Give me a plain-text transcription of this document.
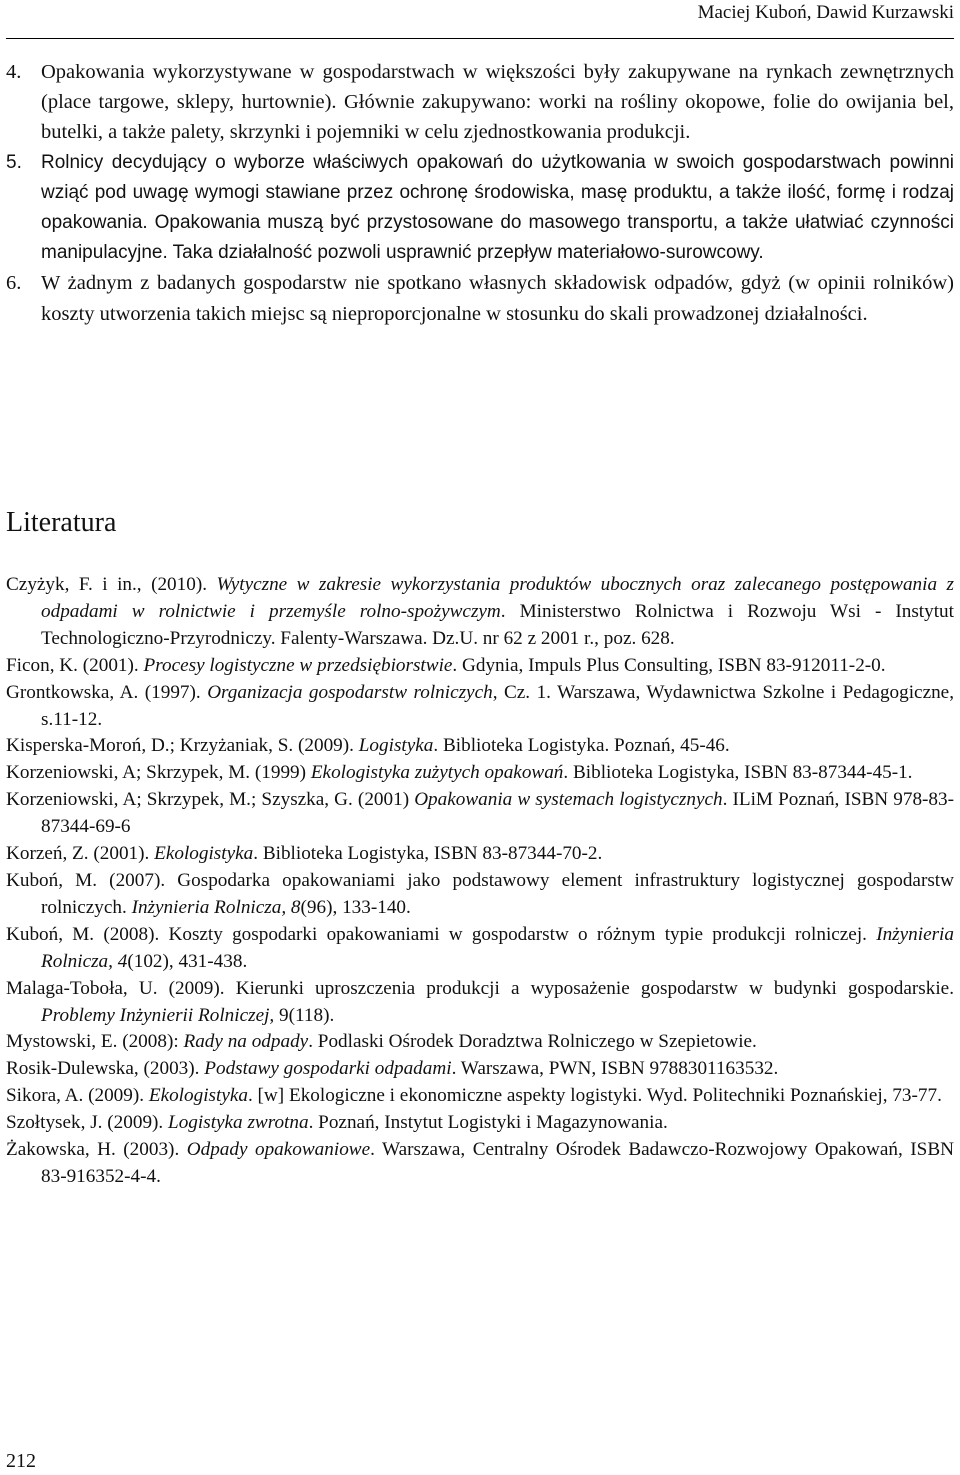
Maciej Kuboń, Dawid Kurzawski
4. Opakowania wykorzystywane w gospodarstwach w większości były zakupywane na rynkach zewnętrznych (place targowe, sklepy, hurtownie). Głównie zakupywano: worki na rośliny okopowe, folie do owijania bel, butelki, a także palety, skrzynki i pojemniki w celu zjednostkowania produkcji.
5. Rolnicy decydujący o wyborze właściwych opakowań do użytkowania w swoich gospodarstwach powinni wziąć pod uwagę wymogi stawiane przez ochronę środowiska, masę produktu, a także ilość, formę i rodzaj opakowania. Opakowania muszą być przystosowane do masowego transportu, a także ułatwiać czynności manipulacyjne. Taka działalność pozwoli usprawnić przepływ materiałowo-surowcowy.
6. W żadnym z badanych gospodarstw nie spotkano własnych składowisk odpadów, gdyż (w opinii rolników) koszty utworzenia takich miejsc są nieproporcjonalne w stosunku do skali prowadzonej działalności.
Literatura
Czyżyk, F. i in., (2010). Wytyczne w zakresie wykorzystania produktów ubocznych oraz zalecanego postępowania z odpadami w rolnictwie i przemyśle rolno-spożywczym. Ministerstwo Rolnictwa i Rozwoju Wsi - Instytut Technologiczno-Przyrodniczy. Falenty-Warszawa. Dz.U. nr 62 z 2001 r., poz. 628.
Ficon, K. (2001). Procesy logistyczne w przedsiębiorstwie. Gdynia, Impuls Plus Consulting, ISBN 83-912011-2-0.
Grontkowska, A. (1997). Organizacja gospodarstw rolniczych, Cz. 1. Warszawa, Wydawnictwa Szkolne i Pedagogiczne, s.11-12.
Kisperska-Moroń, D.; Krzyżaniak, S. (2009). Logistyka. Biblioteka Logistyka. Poznań, 45-46.
Korzeniowski, A; Skrzypek, M. (1999) Ekologistyka zużytych opakowań. Biblioteka Logistyka, ISBN 83-87344-45-1.
Korzeniowski, A; Skrzypek, M.; Szyszka, G. (2001) Opakowania w systemach logistycznych. ILiM Poznań, ISBN 978-83-87344-69-6
Korzeń, Z. (2001). Ekologistyka. Biblioteka Logistyka, ISBN 83-87344-70-2.
Kuboń, M. (2007). Gospodarka opakowaniami jako podstawowy element infrastruktury logistycznej gospodarstw rolniczych. Inżynieria Rolnicza, 8(96), 133-140.
Kuboń, M. (2008). Koszty gospodarki opakowaniami w gospodarstw o różnym typie produkcji rolniczej. Inżynieria Rolnicza, 4(102), 431-438.
Malaga-Toboła, U. (2009). Kierunki uproszczenia produkcji a wyposażenie gospodarstw w budynki gospodarskie. Problemy Inżynierii Rolniczej, 9(118).
Mystowski, E. (2008): Rady na odpady. Podlaski Ośrodek Doradztwa Rolniczego w Szepietowie.
Rosik-Dulewska, (2003). Podstawy gospodarki odpadami. Warszawa, PWN, ISBN 9788301163532.
Sikora, A. (2009). Ekologistyka. [w] Ekologiczne i ekonomiczne aspekty logistyki. Wyd. Politechniki Poznańskiej, 73-77.
Szołtysek, J. (2009). Logistyka zwrotna. Poznań, Instytut Logistyki i Magazynowania.
Żakowska, H. (2003). Odpady opakowaniowe. Warszawa, Centralny Ośrodek Badawczo-Rozwojowy Opakowań, ISBN 83-916352-4-4.
212
